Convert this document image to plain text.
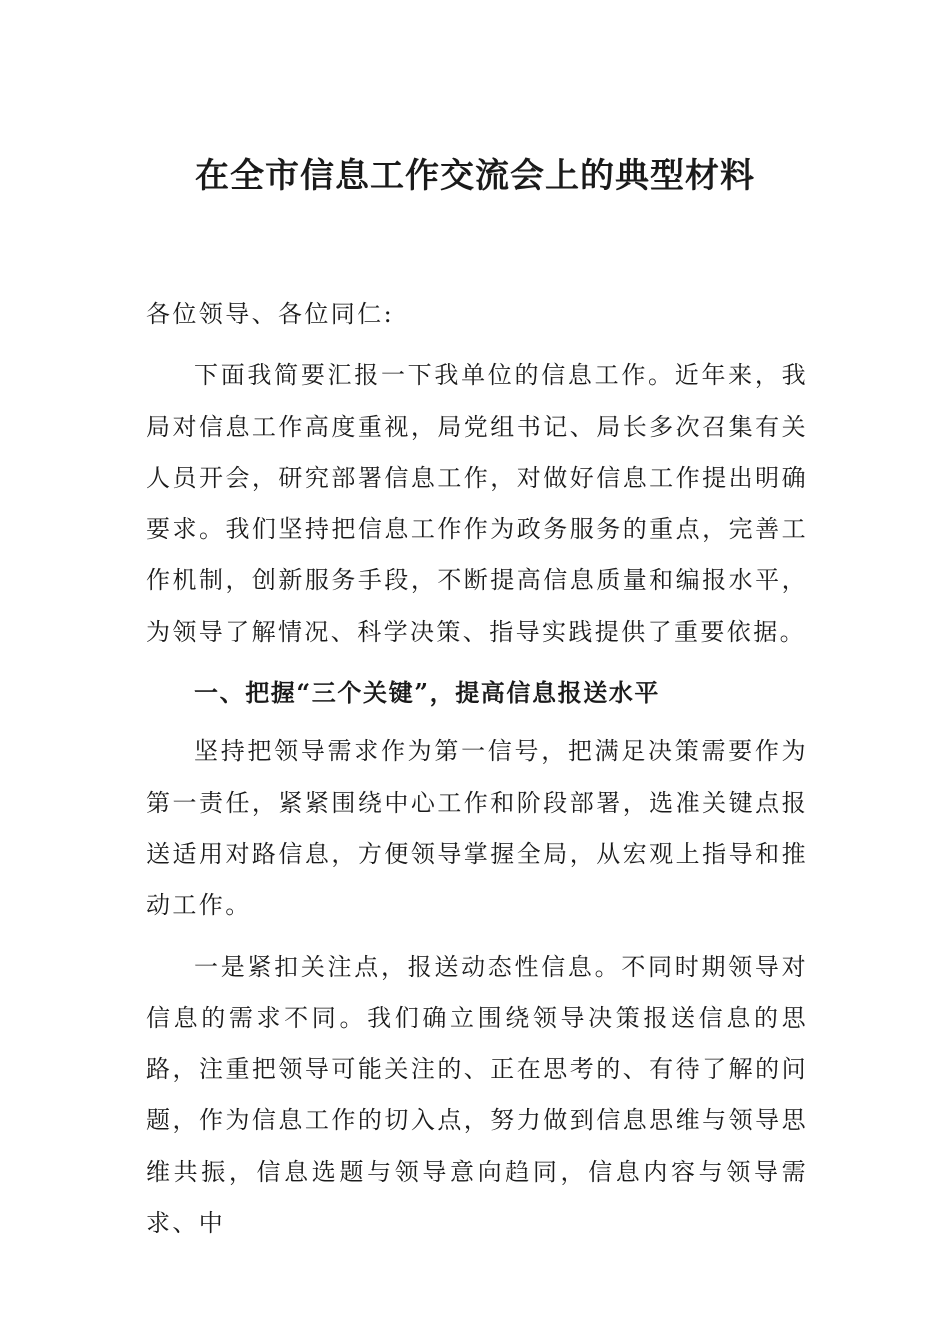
在全市信息工作交流会上的典型材料

各位领导、各位同仁:

下面我简要汇报一下我单位的信息工作。近年来，我局对信息工作高度重视，局党组书记、局长多次召集有关人员开会，研究部署信息工作，对做好信息工作提出明确要求。我们坚持把信息工作作为政务服务的重点，完善工作机制，创新服务手段，不断提高信息质量和编报水平，为领导了解情况、科学决策、指导实践提供了重要依据。

一、把握“三个关键”，提高信息报送水平

坚持把领导需求作为第一信号，把满足决策需要作为第一责任，紧紧围绕中心工作和阶段部署，选准关键点报送适用对路信息，方便领导掌握全局，从宏观上指导和推动工作。

一是紧扣关注点，报送动态性信息。不同时期领导对信息的需求不同。我们确立围绕领导决策报送信息的思路，注重把领导可能关注的、正在思考的、有待了解的问题，作为信息工作的切入点，努力做到信息思维与领导思维共振，信息选题与领导意向趋同，信息内容与领导需求、中
